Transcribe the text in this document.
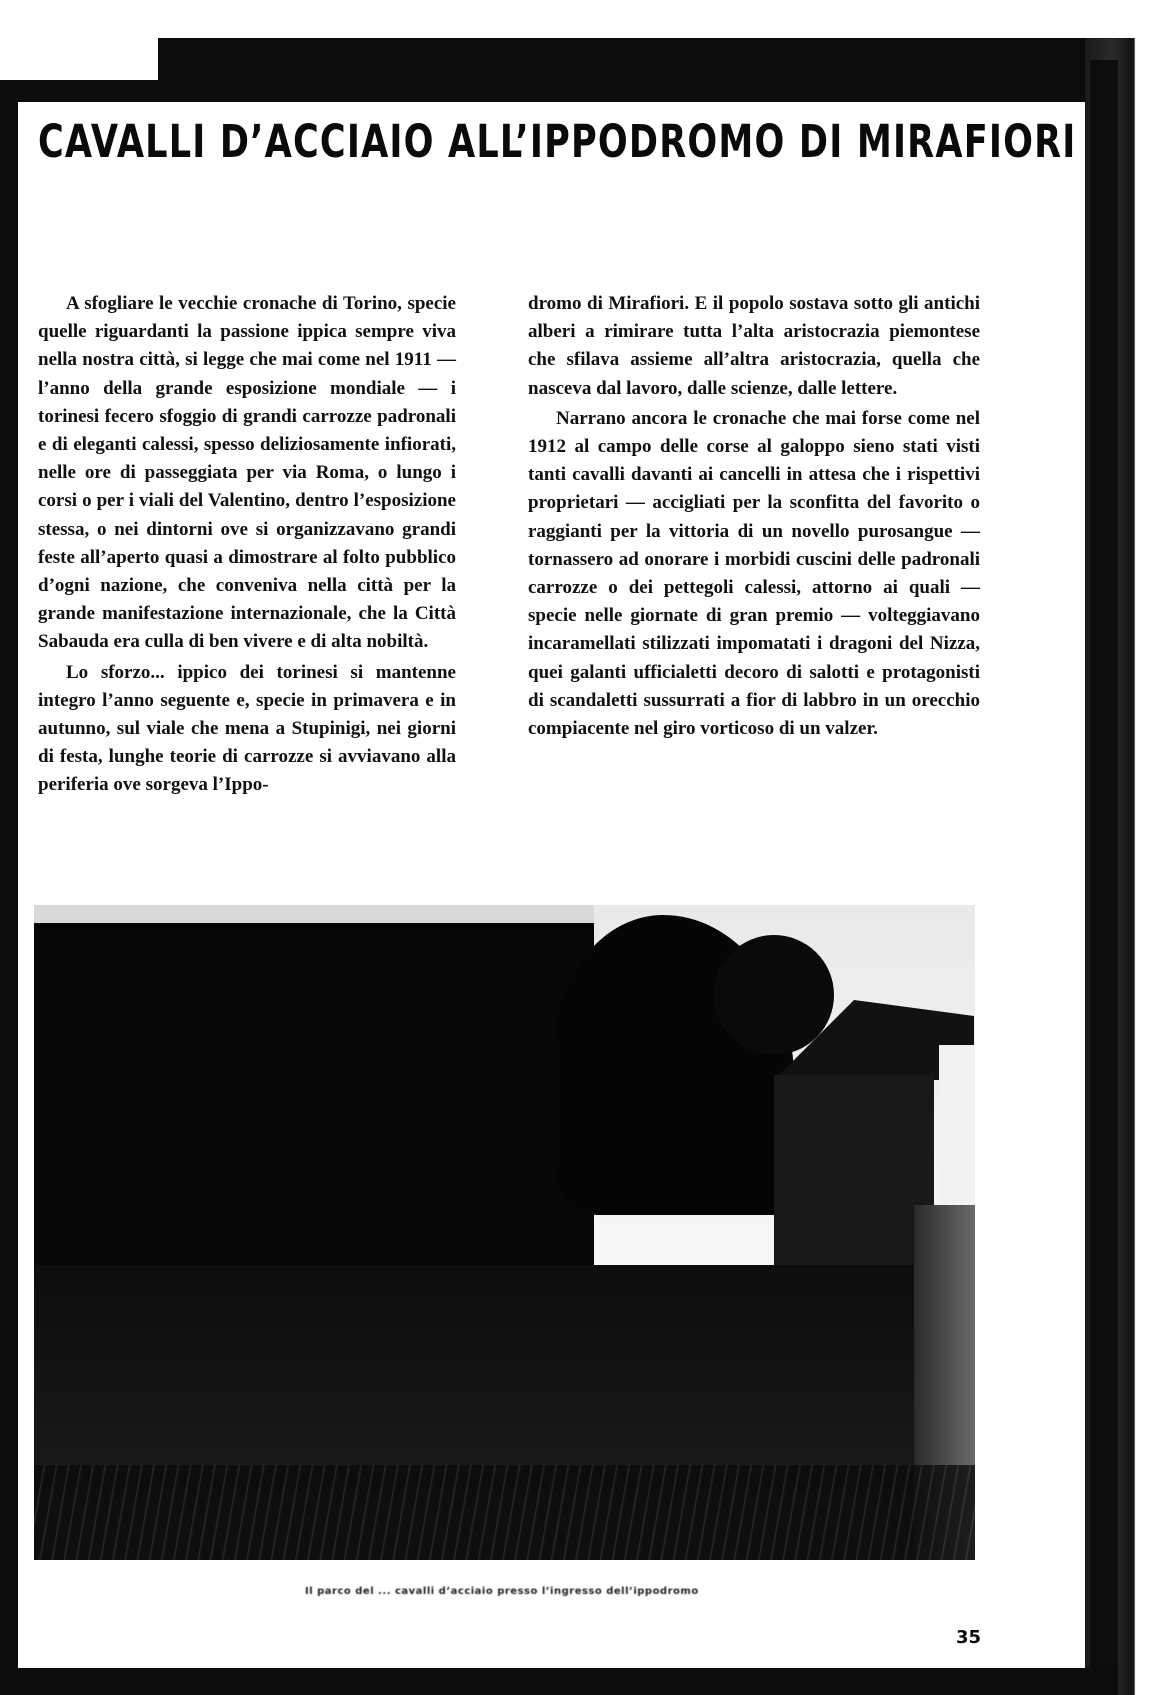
CAVALLI D’ACCIAIO ALL’IPPODROMO DI MIRAFIORI

A sfogliare le vecchie cronache di Torino, specie quelle riguardanti la passione ippica sempre viva nella nostra città, si legge che mai come nel 1911 — l’anno della grande esposizione mondiale — i torinesi fecero sfoggio di grandi carrozze padronali e di eleganti calessi, spesso deliziosamente infiorati, nelle ore di passeggiata per via Roma, o lungo i corsi o per i viali del Valentino, dentro l’esposizione stessa, o nei dintorni ove si organizzavano grandi feste all’aperto quasi a dimostrare al folto pubblico d’ogni nazione, che conveniva nella città per la grande manifestazione internazionale, che la Città Sabauda era culla di ben vivere e di alta nobiltà.

Lo sforzo... ippico dei torinesi si mantenne integro l’anno seguente e, specie in primavera e in autunno, sul viale che mena a Stupinigi, nei giorni di festa, lunghe teorie di carrozze si avviavano alla periferia ove sorgeva l’Ippo-

dromo di Mirafiori. E il popolo sostava sotto gli antichi alberi a rimirare tutta l’alta aristocrazia piemontese che sfilava assieme all’altra aristocrazia, quella che nasceva dal lavoro, dalle scienze, dalle lettere.

Narrano ancora le cronache che mai forse come nel 1912 al campo delle corse al galoppo sieno stati visti tanti cavalli davanti ai cancelli in attesa che i rispettivi proprietari — accigliati per la sconfitta del favorito o raggianti per la vittoria di un novello purosangue — tornassero ad onorare i morbidi cuscini delle padronali carrozze o dei pettegoli calessi, attorno ai quali — specie nelle giornate di gran premio — volteggiavano incaramellati stilizzati impomatati i dragoni del Nizza, quei galanti ufficialetti decoro di salotti e protagonisti di scandaletti sussurrati a fior di labbro in un orecchio compiacente nel giro vorticoso di un valzer.

Il parco del ... cavalli d’acciaio presso l’ingresso dell’ippodromo
35
